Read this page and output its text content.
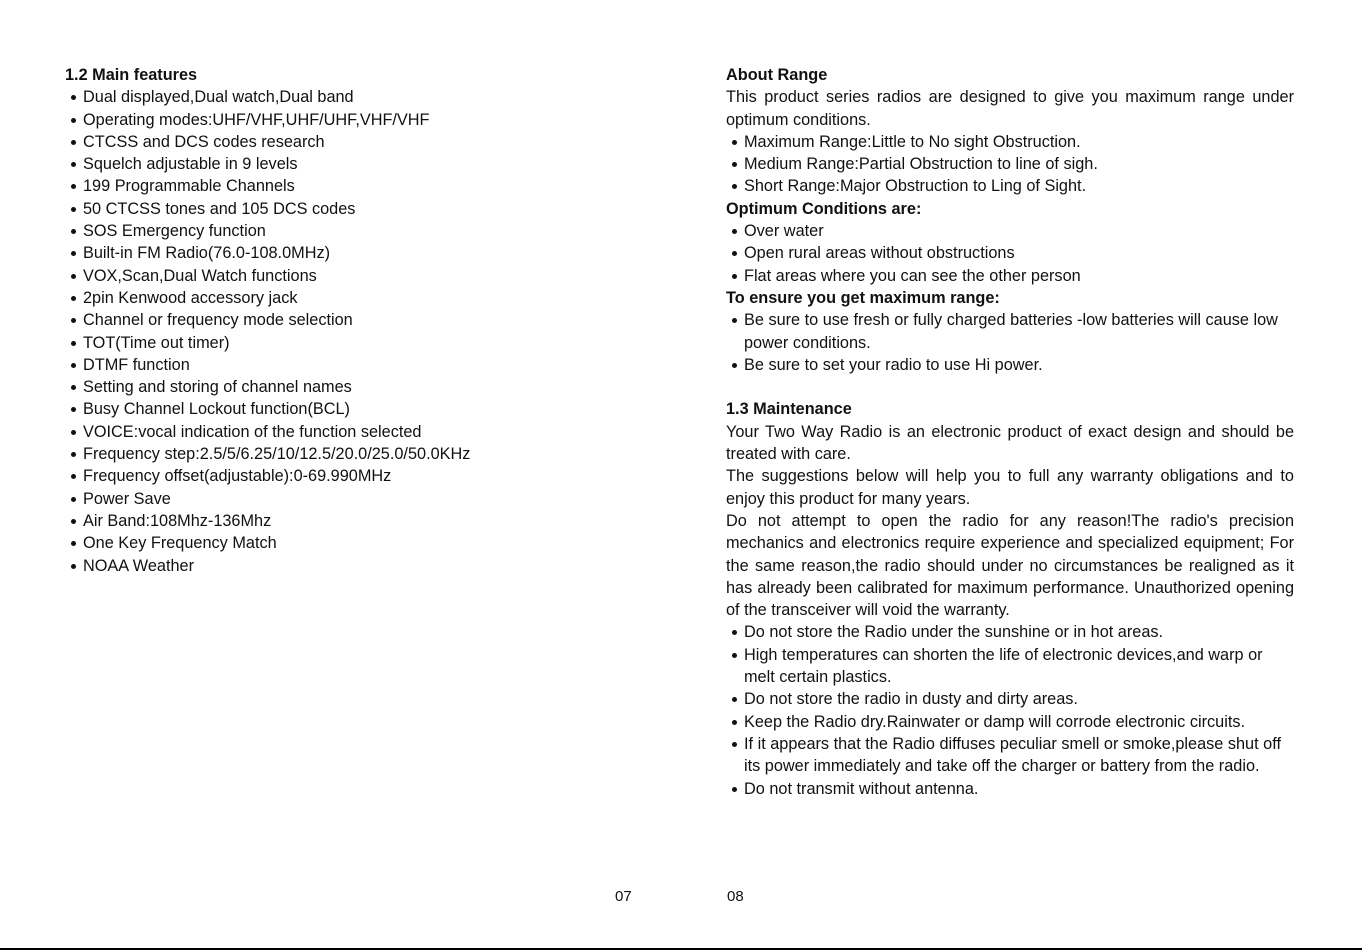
1.2 Main features
Dual displayed,Dual watch,Dual band
Operating modes:UHF/VHF,UHF/UHF,VHF/VHF
CTCSS and DCS codes research
Squelch adjustable in 9 levels
199 Programmable Channels
50 CTCSS tones and 105 DCS codes
SOS Emergency function
Built-in FM Radio(76.0-108.0MHz)
VOX,Scan,Dual Watch functions
2pin Kenwood accessory jack
Channel or frequency mode selection
TOT(Time out timer)
DTMF function
Setting and storing of channel names
Busy Channel Lockout function(BCL)
VOICE:vocal indication of the function selected
Frequency step:2.5/5/6.25/10/12.5/20.0/25.0/50.0KHz
Frequency offset(adjustable):0-69.990MHz
Power Save
Air Band:108Mhz-136Mhz
One Key Frequency Match
NOAA Weather
About Range

This product series radios are designed to give you maximum range under optimum conditions.

Maximum Range:Little to No sight Obstruction.
Medium Range:Partial Obstruction to line of sigh.
Short Range:Major Obstruction to Ling of Sight.
Optimum Conditions are:
Over water
Open rural areas without obstructions
Flat areas where you can see the other person
To ensure you get maximum range:
Be sure to use fresh or fully charged batteries -low batteries will cause low power conditions.
Be sure to set your radio to use Hi power.
1.3 Maintenance

Your Two Way Radio is an electronic product of exact design and should be treated with care.

The suggestions below will help you to full any warranty obligations and to enjoy this product for many years.

Do not attempt to open the radio for any reason!The radio's precision mechanics and electronics require experience and specialized equipment; For the same reason,the radio should under no circumstances be realigned as it has already been calibrated for maximum performance. Unauthorized opening of the transceiver will void the warranty.

Do not store the Radio under the sunshine or in hot areas.
High temperatures can shorten the life of electronic devices,and warp or melt certain plastics.
Do not store the radio in dusty and dirty areas.
Keep the Radio dry.Rainwater or damp will corrode electronic circuits.
If it appears that the Radio diffuses peculiar smell or smoke,please shut off its power immediately and take off the charger or battery from the radio.
Do not transmit without antenna.
07	08
